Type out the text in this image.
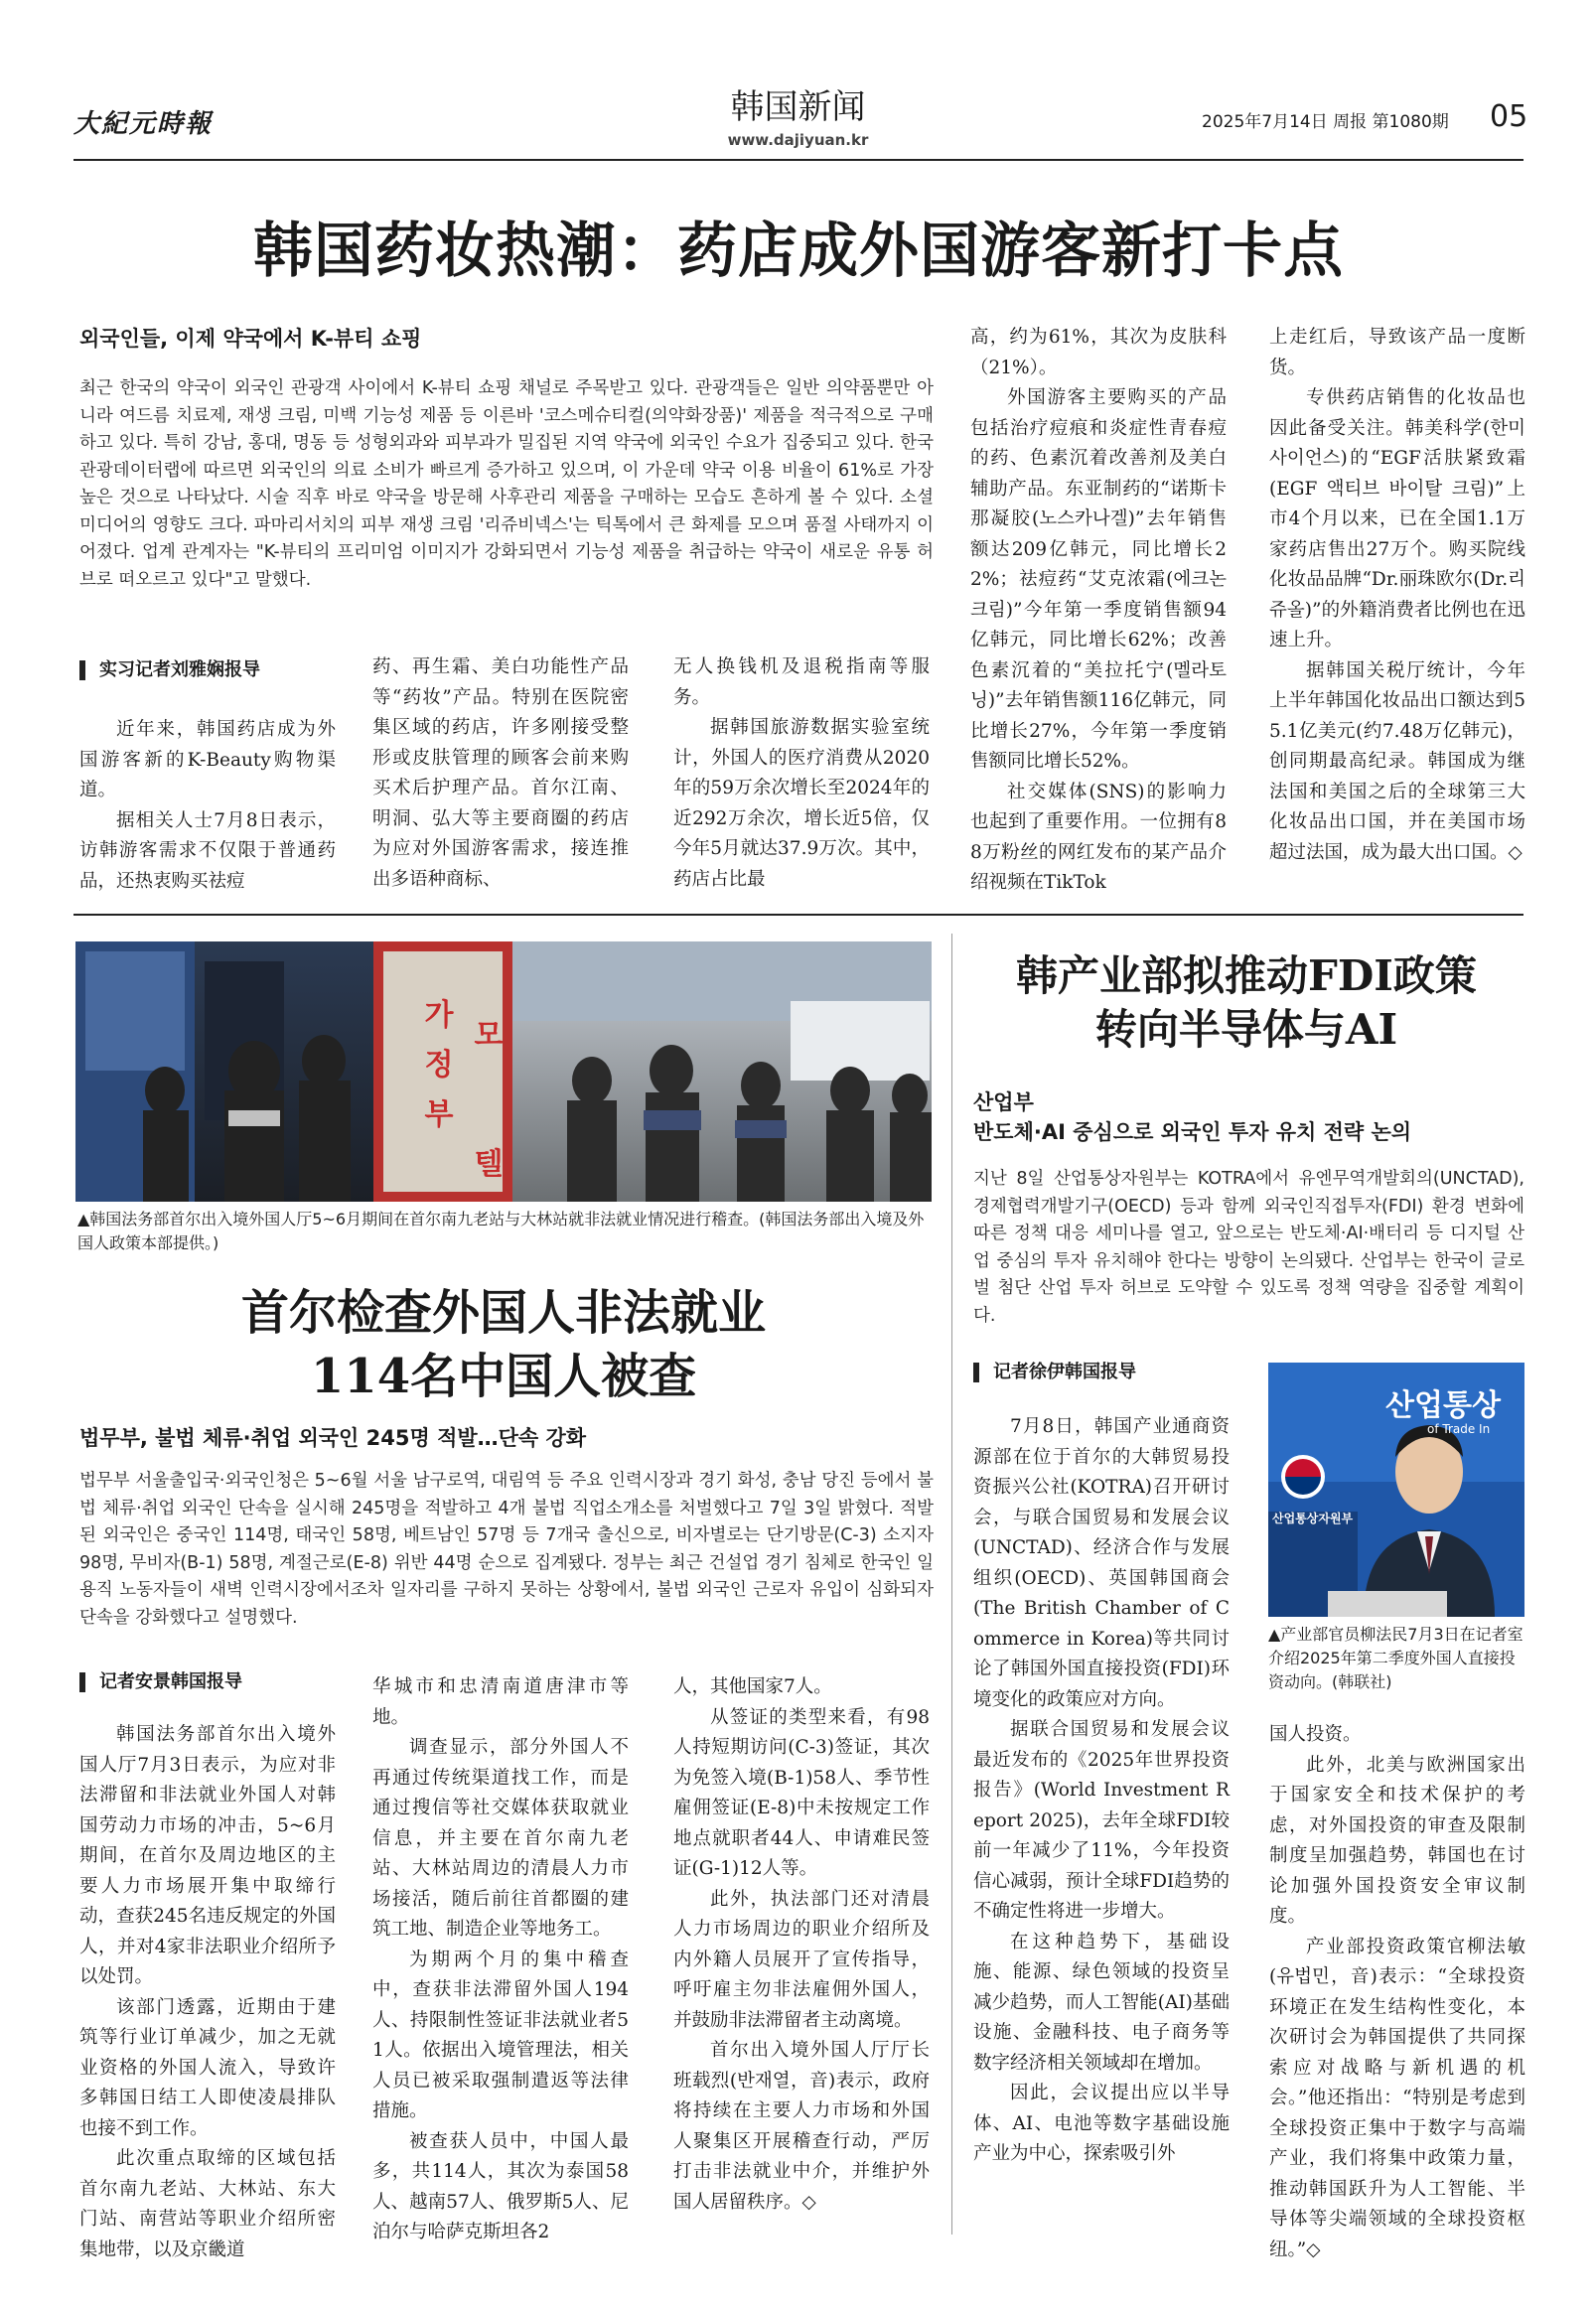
大紀元時報	韩国新闻
www.dajiyuan.kr
2025年7月14日 周报 第1080期 05
韩国药妆热潮：药店成外国游客新打卡点
외국인들, 이제 약국에서 K-뷰티 쇼핑
최근 한국의 약국이 외국인 관광객 사이에서 K-뷰티 쇼핑 채널로 주목받고 있다. 관광객들은 일반 의약품뿐만 아니라 여드름 치료제, 재생 크림, 미백 기능성 제품 등 이른바 '코스메슈티컬(의약화장품)' 제품을 적극적으로 구매하고 있다. 특히 강남, 홍대, 명동 등 성형외과와 피부과가 밀집된 지역 약국에 외국인 수요가 집중되고 있다. 한국관광데이터랩에 따르면 외국인의 의료 소비가 빠르게 증가하고 있으며, 이 가운데 약국 이용 비율이 61%로 가장 높은 것으로 나타났다. 시술 직후 바로 약국을 방문해 사후관리 제품을 구매하는 모습도 흔하게 볼 수 있다. 소셜미디어의 영향도 크다. 파마리서치의 피부 재생 크림 '리쥬비넥스'는 틱톡에서 큰 화제를 모으며 품절 사태까지 이어졌다. 업계 관계자는 "K-뷰티의 프리미엄 이미지가 강화되면서 기능성 제품을 취급하는 약국이 새로운 유통 허브로 떠오르고 있다"고 말했다.
实习记者刘雅娴报导

近年来，韩国药店成为外国游客新的K-Beauty购物渠道。

据相关人士7月8日表示，访韩游客需求不仅限于普通药品，还热衷购买祛痘

药、再生霜、美白功能性产品等“药妆”产品。特别在医院密集区域的药店，许多刚接受整形或皮肤管理的顾客会前来购买术后护理产品。首尔江南、明洞、弘大等主要商圈的药店为应对外国游客需求，接连推出多语种商标、

无人换钱机及退税指南等服务。

据韩国旅游数据实验室统计，外国人的医疗消费从2020年的59万余次增长至2024年的近292万余次，增长近5倍，仅今年5月就达37.9万次。其中，药店占比最

高，约为61%，其次为皮肤科（21%）。

外国游客主要购买的产品包括治疗痘痕和炎症性青春痘的药、色素沉着改善剂及美白辅助产品。东亚制药的“诺斯卡那凝胶(노스카나겔)”去年销售额达209亿韩元，同比增长22%；祛痘药“艾克浓霜(에크논크림)”今年第一季度销售额94亿韩元，同比增长62%；改善色素沉着的“美拉托宁(멜라토닝)”去年销售额116亿韩元，同比增长27%，今年第一季度销售额同比增长52%。

社交媒体(SNS)的影响力也起到了重要作用。一位拥有88万粉丝的网红发布的某产品介绍视频在TikTok

上走红后，导致该产品一度断货。

专供药店销售的化妆品也因此备受关注。韩美科学(한미사이언스)的“EGF活肤紧致霜(EGF 액티브 바이탈 크림)”上市4个月以来，已在全国1.1万家药店售出27万个。购买院线化妆品品牌“Dr.丽珠欧尔(Dr.리쥬올)”的外籍消费者比例也在迅速上升。

据韩国关税厅统计，今年上半年韩国化妆品出口额达到55.1亿美元(约7.48万亿韩元)，创同期最高纪录。韩国成为继法国和美国之后的全球第三大化妆品出口国，并在美国市场超过法国，成为最大出口国。◇

가
정
부
모
텔
▲韩国法务部首尔出入境外国人厅5~6月期间在首尔南九老站与大林站就非法就业情况进行稽查。(韩国法务部出入境及外国人政策本部提供。)
首尔检查外国人非法就业
114名中国人被查
법무부, 불법 체류·취업 외국인 245명 적발…단속 강화
법무부 서울출입국·외국인청은 5~6월 서울 남구로역, 대림역 등 주요 인력시장과 경기 화성, 충남 당진 등에서 불법 체류·취업 외국인 단속을 실시해 245명을 적발하고 4개 불법 직업소개소를 처벌했다고 7일 3일 밝혔다. 적발된 외국인은 중국인 114명, 태국인 58명, 베트남인 57명 등 7개국 출신으로, 비자별로는 단기방문(C-3) 소지자 98명, 무비자(B-1) 58명, 계절근로(E-8) 위반 44명 순으로 집계됐다. 정부는 최근 건설업 경기 침체로 한국인 일용직 노동자들이 새벽 인력시장에서조차 일자리를 구하지 못하는 상황에서, 불법 외국인 근로자 유입이 심화되자 단속을 강화했다고 설명했다.
记者安景韩国报导

韩国法务部首尔出入境外国人厅7月3日表示，为应对非法滞留和非法就业外国人对韩国劳动力市场的冲击，5~6月期间，在首尔及周边地区的主要人力市场展开集中取缔行动，查获245名违反规定的外国人，并对4家非法职业介绍所予以处罚。

该部门透露，近期由于建筑等行业订单减少，加之无就业资格的外国人流入，导致许多韩国日结工人即使凌晨排队也接不到工作。

此次重点取缔的区域包括首尔南九老站、大林站、东大门站、南营站等职业介绍所密集地带，以及京畿道

华城市和忠清南道唐津市等地。

调查显示，部分外国人不再通过传统渠道找工作，而是通过搜信等社交媒体获取就业信息，并主要在首尔南九老站、大林站周边的清晨人力市场接活，随后前往首都圈的建筑工地、制造企业等地务工。

为期两个月的集中稽查中，查获非法滞留外国人194人、持限制性签证非法就业者51人。依据出入境管理法，相关人员已被采取强制遣返等法律措施。

被查获人员中，中国人最多，共114人，其次为泰国58人、越南57人、俄罗斯5人、尼泊尔与哈萨克斯坦各2

人，其他国家7人。

从签证的类型来看，有98人持短期访问(C-3)签证，其次为免签入境(B-1)58人、季节性雇佣签证(E-8)中未按规定工作地点就职者44人、申请难民签证(G-1)12人等。

此外，执法部门还对清晨人力市场周边的职业介绍所及内外籍人员展开了宣传指导，呼吁雇主勿非法雇佣外国人，并鼓励非法滞留者主动离境。

首尔出入境外国人厅厅长班载烈(반재열，音)表示，政府将持续在主要人力市场和外国人聚集区开展稽查行动，严厉打击非法就业中介，并维护外国人居留秩序。◇

韩产业部拟推动FDI政策
转向半导体与AI
산업부
반도체·AI 중심으로 외국인 투자 유치 전략 논의
지난 8일 산업통상자원부는 KOTRA에서 유엔무역개발회의(UNCTAD), 경제협력개발기구(OECD) 등과 함께 외국인직접투자(FDI) 환경 변화에 따른 정책 대응 세미나를 열고, 앞으로는 반도체·AI·배터리 등 디지털 산업 중심의 투자 유치해야 한다는 방향이 논의됐다. 산업부는 한국이 글로벌 첨단 산업 투자 허브로 도약할 수 있도록 정책 역량을 집중할 계획이다.
记者徐伊韩国报导

7月8日，韩国产业通商资源部在位于首尔的大韩贸易投资振兴公社(KOTRA)召开研讨会，与联合国贸易和发展会议(UNCTAD)、经济合作与发展组织(OECD)、英国韩国商会(The British Chamber of Commerce in Korea)等共同讨论了韩国外国直接投资(FDI)环境变化的政策应对方向。

据联合国贸易和发展会议最近发布的《2025年世界投资报告》(World Investment Report 2025)，去年全球FDI较前一年减少了11%，今年投资信心减弱，预计全球FDI趋势的不确定性将进一步增大。

在这种趋势下，基础设施、能源、绿色领域的投资呈减少趋势，而人工智能(AI)基础设施、金融科技、电子商务等数字经济相关领域却在增加。

因此，会议提出应以半导体、AI、电池等数字基础设施产业为中心，探索吸引外

산업통상
of Trade In
산업통상자원부
▲产业部官员柳法民7月3日在记者室介绍2025年第二季度外国人直接投资动向。(韩联社)

国人投资。

此外，北美与欧洲国家出于国家安全和技术保护的考虑，对外国投资的审查及限制制度呈加强趋势，韩国也在讨论加强外国投资安全审议制度。

产业部投资政策官柳法敏(유법민，音)表示：“全球投资环境正在发生结构性变化，本次研讨会为韩国提供了共同探索应对战略与新机遇的机会。”他还指出：“特别是考虑到全球投资正集中于数字与高端产业，我们将集中政策力量，推动韩国跃升为人工智能、半导体等尖端领域的全球投资枢纽。”◇
